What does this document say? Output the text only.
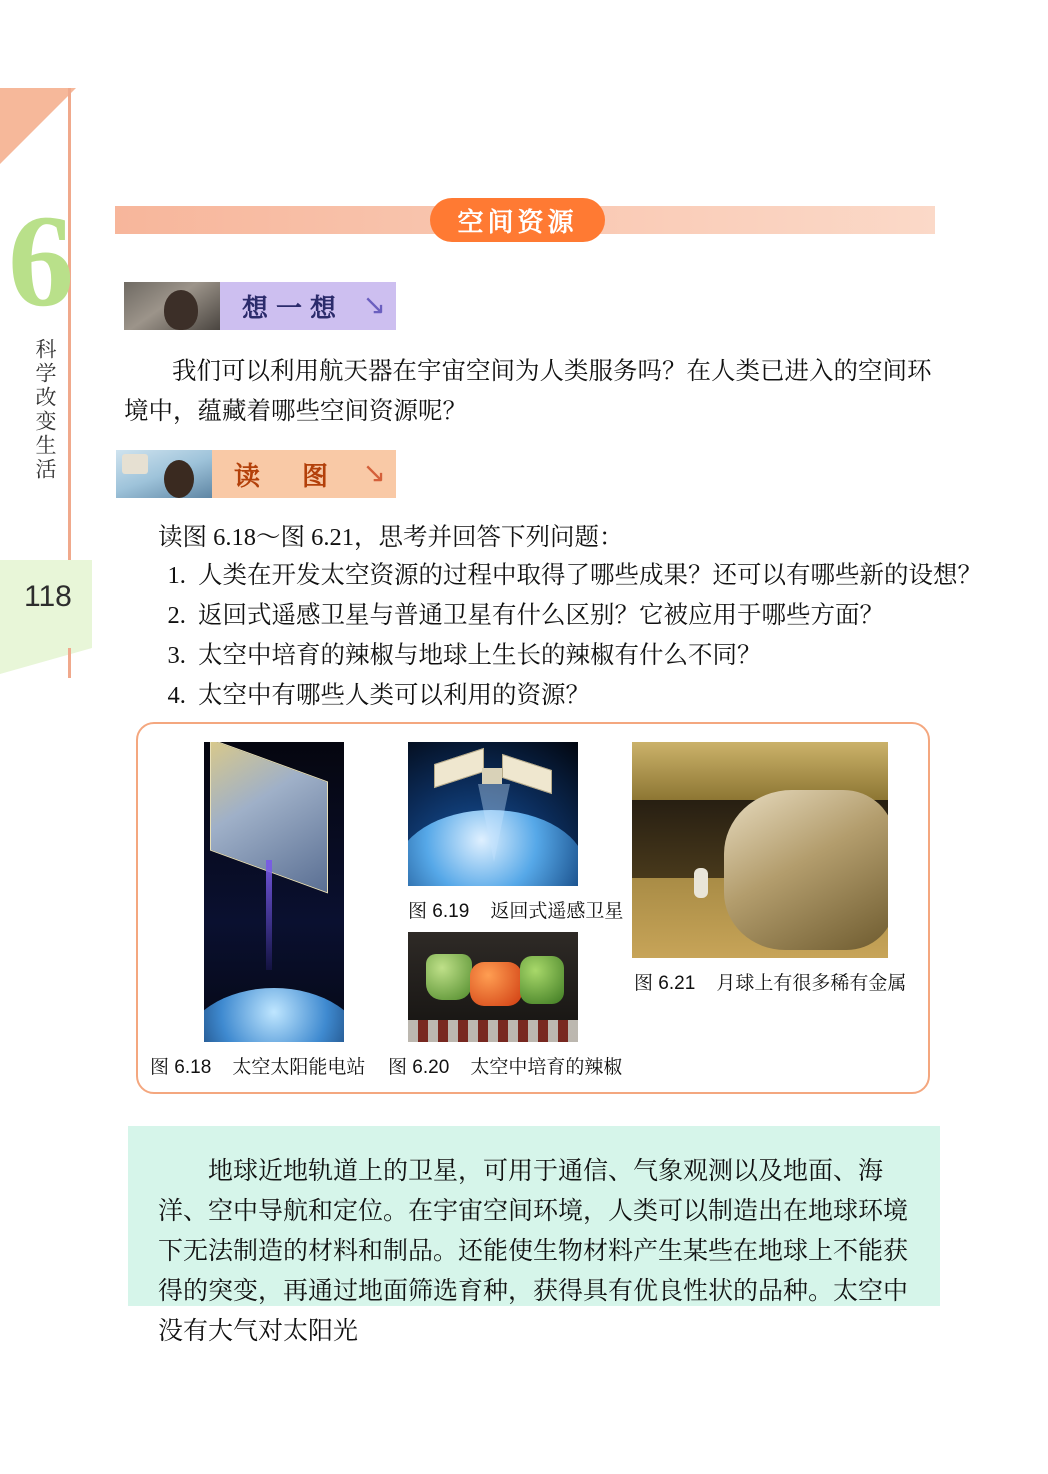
6
科学改变生活
118
空间资源
想一想 ↘
我们可以利用航天器在宇宙空间为人类服务吗？在人类已进入的空间环境中，蕴藏着哪些空间资源呢？
读　图 ↘
读图 6.18～图 6.21，思考并回答下列问题：
1. 人类在开发太空资源的过程中取得了哪些成果？还可以有哪些新的设想？
2. 返回式遥感卫星与普通卫星有什么区别？它被应用于哪些方面？
3. 太空中培育的辣椒与地球上生长的辣椒有什么不同？
4. 太空中有哪些人类可以利用的资源？
图 6.19 返回式遥感卫星
图 6.21 月球上有很多稀有金属
图 6.18 太空太阳能电站 图 6.20 太空中培育的辣椒

地球近地轨道上的卫星，可用于通信、气象观测以及地面、海洋、空中导航和定位。在宇宙空间环境，人类可以制造出在地球环境下无法制造的材料和制品。还能使生物材料产生某些在地球上不能获得的突变，再通过地面筛选育种，获得具有优良性状的品种。太空中没有大气对太阳光
